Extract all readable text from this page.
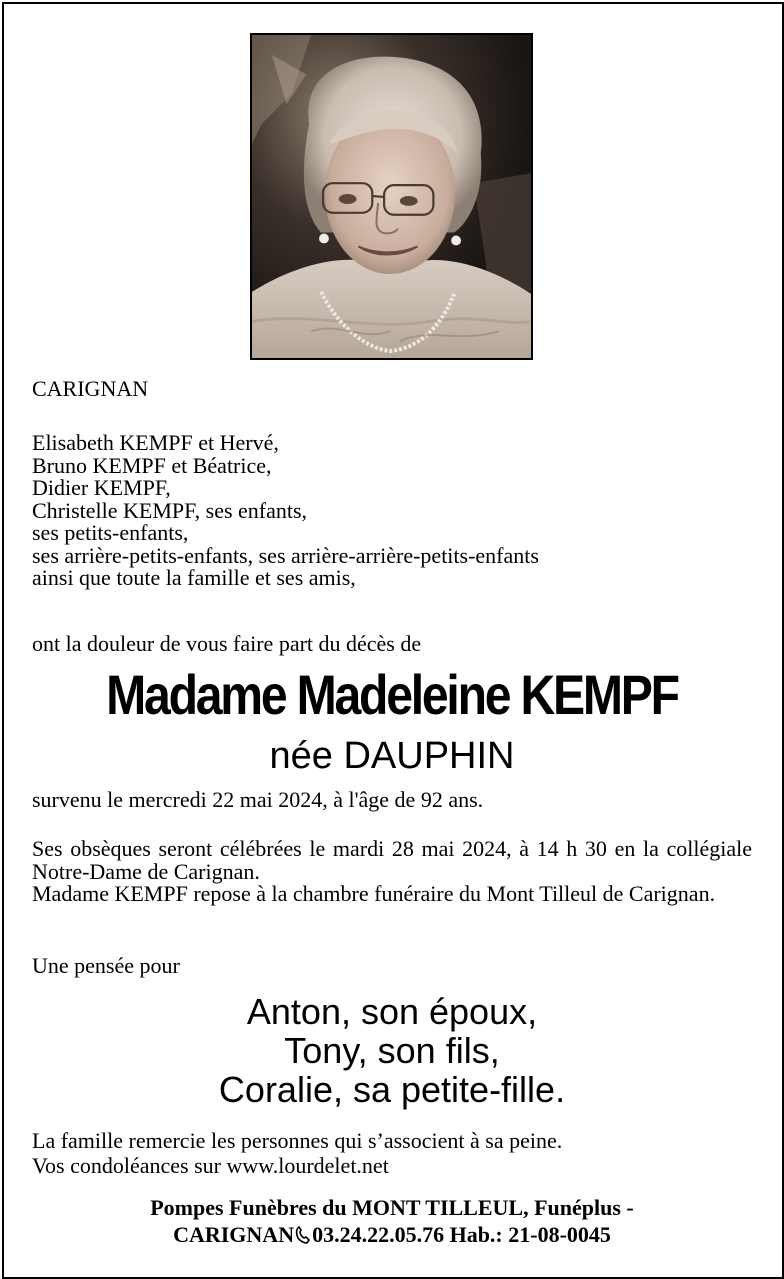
CARIGNAN
Elisabeth KEMPF et Hervé,
Bruno KEMPF et Béatrice,
Didier KEMPF,
Christelle KEMPF, ses enfants,
ses petits-enfants,
ses arrière-petits-enfants, ses arrière-arrière-petits-enfants
ainsi que toute la famille et ses amis,
ont la douleur de vous faire part du décès de
Madame Madeleine KEMPF
née DAUPHIN
survenu le mercredi 22 mai 2024, à l'âge de 92 ans.

Ses obsèques seront célébrées le mardi 28 mai 2024, à 14 h 30 en la collégiale Notre-Dame de Carignan.

Madame KEMPF repose à la chambre funéraire du Mont Tilleul de Carignan.

Une pensée pour
Anton, son époux,
Tony, son fils,
Coralie, sa petite-fille.
La famille remercie les personnes qui s’associent à sa peine.
Vos condoléances sur www.lourdelet.net
Pompes Funèbres du MONT TILLEUL, Funéplus -
CARIGNAN 03.24.22.05.76 Hab.: 21-08-0045
